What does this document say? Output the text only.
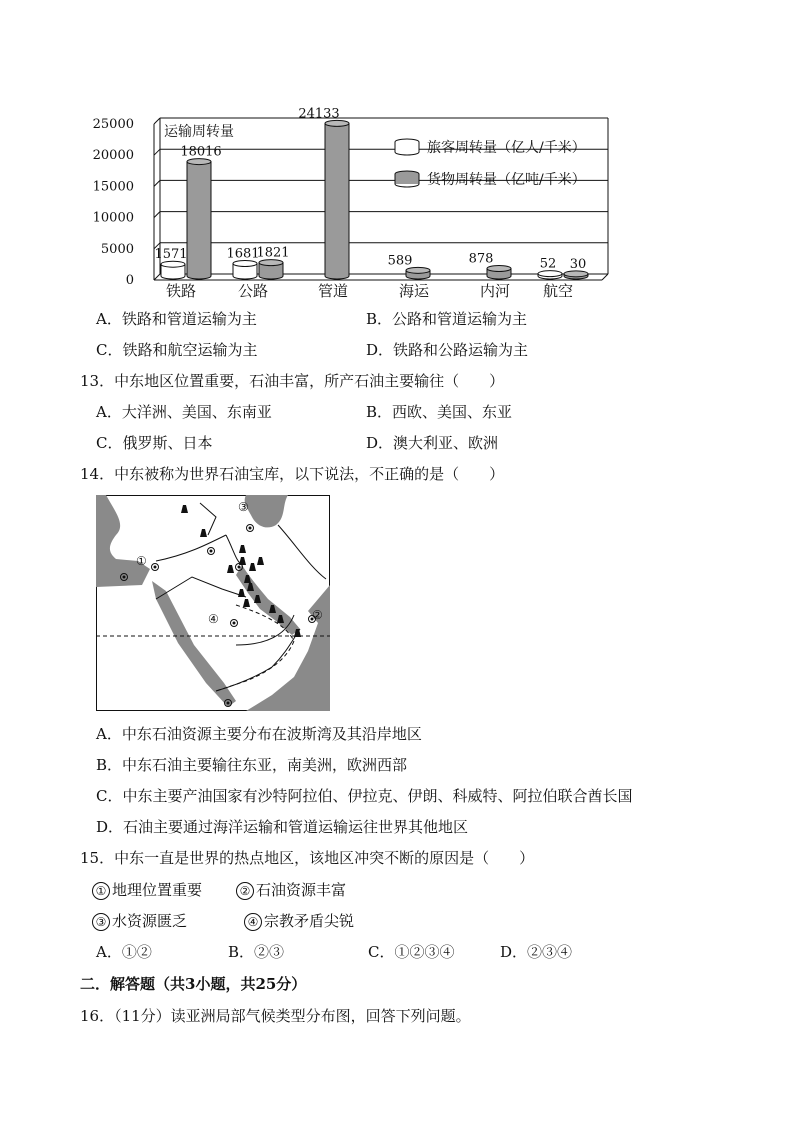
0
5000
10000
15000
20000
25000 运输周转量
旅客周转量（亿人/千米）
货物周转量（亿吨/千米）
1571
18016
铁路
1681
1821
公路
24133
管道
589
海运
878
内河
52 30
航空
A．铁路和管道运输为主	B．公路和管道运输为主
C．铁路和航空运输为主	D．铁路和公路运输为主
13．中东地区位置重要，石油丰富，所产石油主要输往（　　）
A．大洋洲、美国、东南亚	B．西欧、美国、东亚
C．俄罗斯、日本	D．澳大利亚、欧洲
14．中东被称为世界石油宝库，以下说法，不正确的是（　　）
①
②
③
④
A．中东石油资源主要分布在波斯湾及其沿岸地区
B．中东石油主要输往东亚，南美洲，欧洲西部
C．中东主要产油国家有沙特阿拉伯、伊拉克、伊朗、科威特、阿拉伯联合酋长国
D．石油主要通过海洋运输和管道运输运往世界其他地区
15．中东一直是世界的热点地区，该地区冲突不断的原因是（　　）
① 地理位置重要	② 石油资源丰富
③ 水资源匮乏	④ 宗教矛盾尖锐
A．①②	B．②③	C．①②③④	D．②③④
二．解答题（共3小题，共25分）
16．（11分）读亚洲局部气候类型分布图，回答下列问题。
